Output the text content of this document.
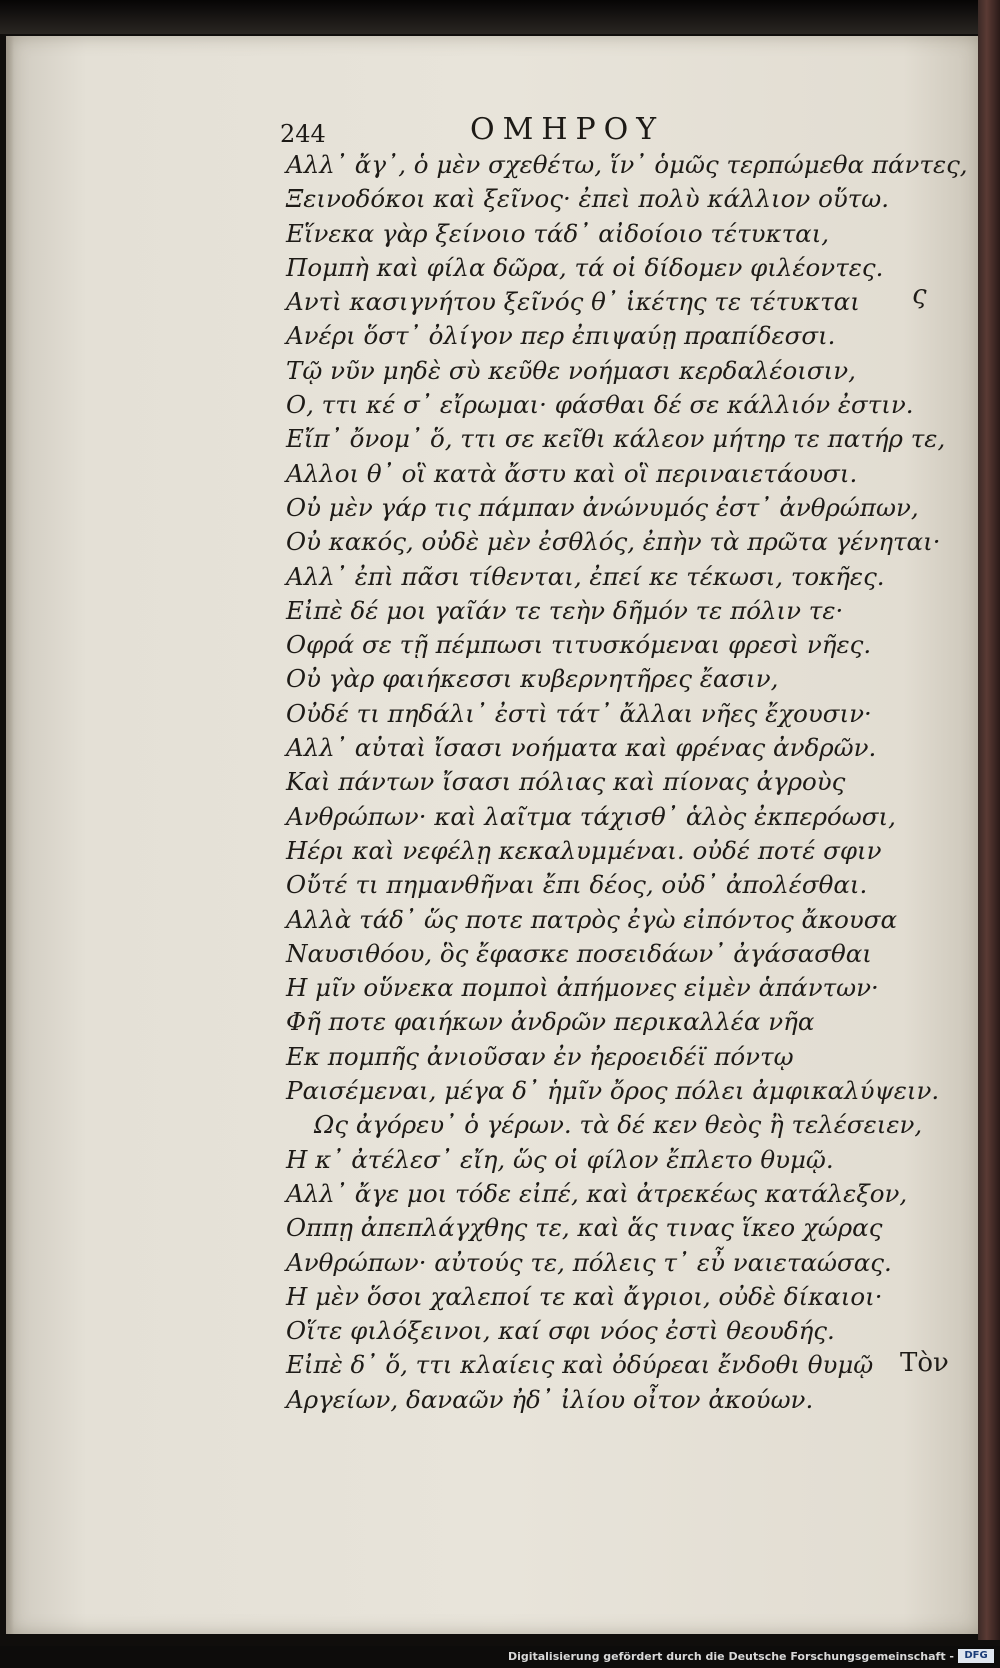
244	ΟΜΗΡΟΥ
Αλλ᾽ ἄγ᾽, ὁ μὲν σχεθέτω, ἵν᾽ ὁμῶς τερπώμεθα πάντες,
Ξεινοδόκοι καὶ ξεῖνος· ἐπεὶ πολὺ κάλλιον οὕτω.
Εἵνεκα γὰρ ξείνοιο τάδ᾽ αἰδοίοιο τέτυκται,
Πομπὴ καὶ φίλα δῶρα, τά οἱ δίδομεν φιλέοντες.
Αντὶ κασιγνήτου ξεῖνός θ᾽ ἱκέτης τε τέτυκται
Ανέρι ὅστ᾽ ὀλίγον περ ἐπιψαύῃ πραπίδεσσι.
Τῷ νῦν μηδὲ σὺ κεῦθε νοήμασι κερδαλέοισιν,
Ο, ττι κέ σ᾽ εἴρωμαι· φάσθαι δέ σε κάλλιόν ἐστιν.
Εἴπ᾽ ὄνομ᾽ ὅ, ττι σε κεῖθι κάλεον μήτηρ τε πατήρ τε,
Αλλοι θ᾽ οἳ κατὰ ἄστυ καὶ οἳ περιναιετάουσι.
Οὐ μὲν γάρ τις πάμπαν ἀνώνυμός ἐστ᾽ ἀνθρώπων,
Οὐ κακός, οὐδὲ μὲν ἐσθλός, ἐπὴν τὰ πρῶτα γένηται·
Αλλ᾽ ἐπὶ πᾶσι τίθενται, ἐπεί κε τέκωσι, τοκῆες.
Εἰπὲ δέ μοι γαῖάν τε τεὴν δῆμόν τε πόλιν τε·
Οφρά σε τῇ πέμπωσι τιτυσκόμεναι φρεσὶ νῆες.
Οὐ γὰρ φαιήκεσσι κυβερνητῆρες ἔασιν,
Οὐδέ τι πηδάλι᾽ ἐστὶ τάτ᾽ ἄλλαι νῆες ἔχουσιν·
Αλλ᾽ αὐταὶ ἴσασι νοήματα καὶ φρένας ἀνδρῶν.
Καὶ πάντων ἴσασι πόλιας καὶ πίονας ἀγροὺς
Ανθρώπων· καὶ λαῖτμα τάχισθ᾽ ἁλὸς ἐκπερόωσι,
Ηέρι καὶ νεφέλῃ κεκαλυμμέναι. οὐδέ ποτέ σφιν
Οὔτέ τι πημανθῆναι ἔπι δέος, οὐδ᾽ ἀπολέσθαι.
Αλλὰ τάδ᾽ ὥς ποτε πατρὸς ἐγὼ εἰπόντος ἄκουσα
Ναυσιθόου, ὃς ἔφασκε ποσειδάων᾽ ἀγάσασθαι
Η μῖν οὕνεκα πομποὶ ἀπήμονες εἰμὲν ἁπάντων·
Φῆ ποτε φαιήκων ἀνδρῶν περικαλλέα νῆα
Εκ πομπῆς ἀνιοῦσαν ἐν ἠεροειδέϊ πόντῳ
Ραισέμεναι, μέγα δ᾽ ἡμῖν ὄρος πόλει ἀμφικαλύψειν.
Ως ἀγόρευ᾽ ὁ γέρων. τὰ δέ κεν θεὸς ἢ τελέσειεν,
Η κ᾽ ἀτέλεσ᾽ εἴη, ὥς οἱ φίλον ἔπλετο θυμῷ.
Αλλ᾽ ἄγε μοι τόδε εἰπέ, καὶ ἀτρεκέως κατάλεξον,
Οππῃ ἀπεπλάγχθης τε, καὶ ἅς τινας ἵκεο χώρας
Ανθρώπων· αὐτούς τε, πόλεις τ᾽ εὖ ναιεταώσας.
Η μὲν ὅσοι χαλεποί τε καὶ ἄγριοι, οὐδὲ δίκαιοι·
Οἵτε φιλόξεινοι, καί σφι νόος ἐστὶ θεουδής.
Εἰπὲ δ᾽ ὅ, ττι κλαίεις καὶ ὀδύρεαι ἔνδοθι θυμῷ
Αργείων, δαναῶν ἠδ᾽ ἰλίου οἶτον ἀκούων.
ς
Τὸν
Digitalisierung gefördert durch die Deutsche Forschungsgemeinschaft -	DFG
